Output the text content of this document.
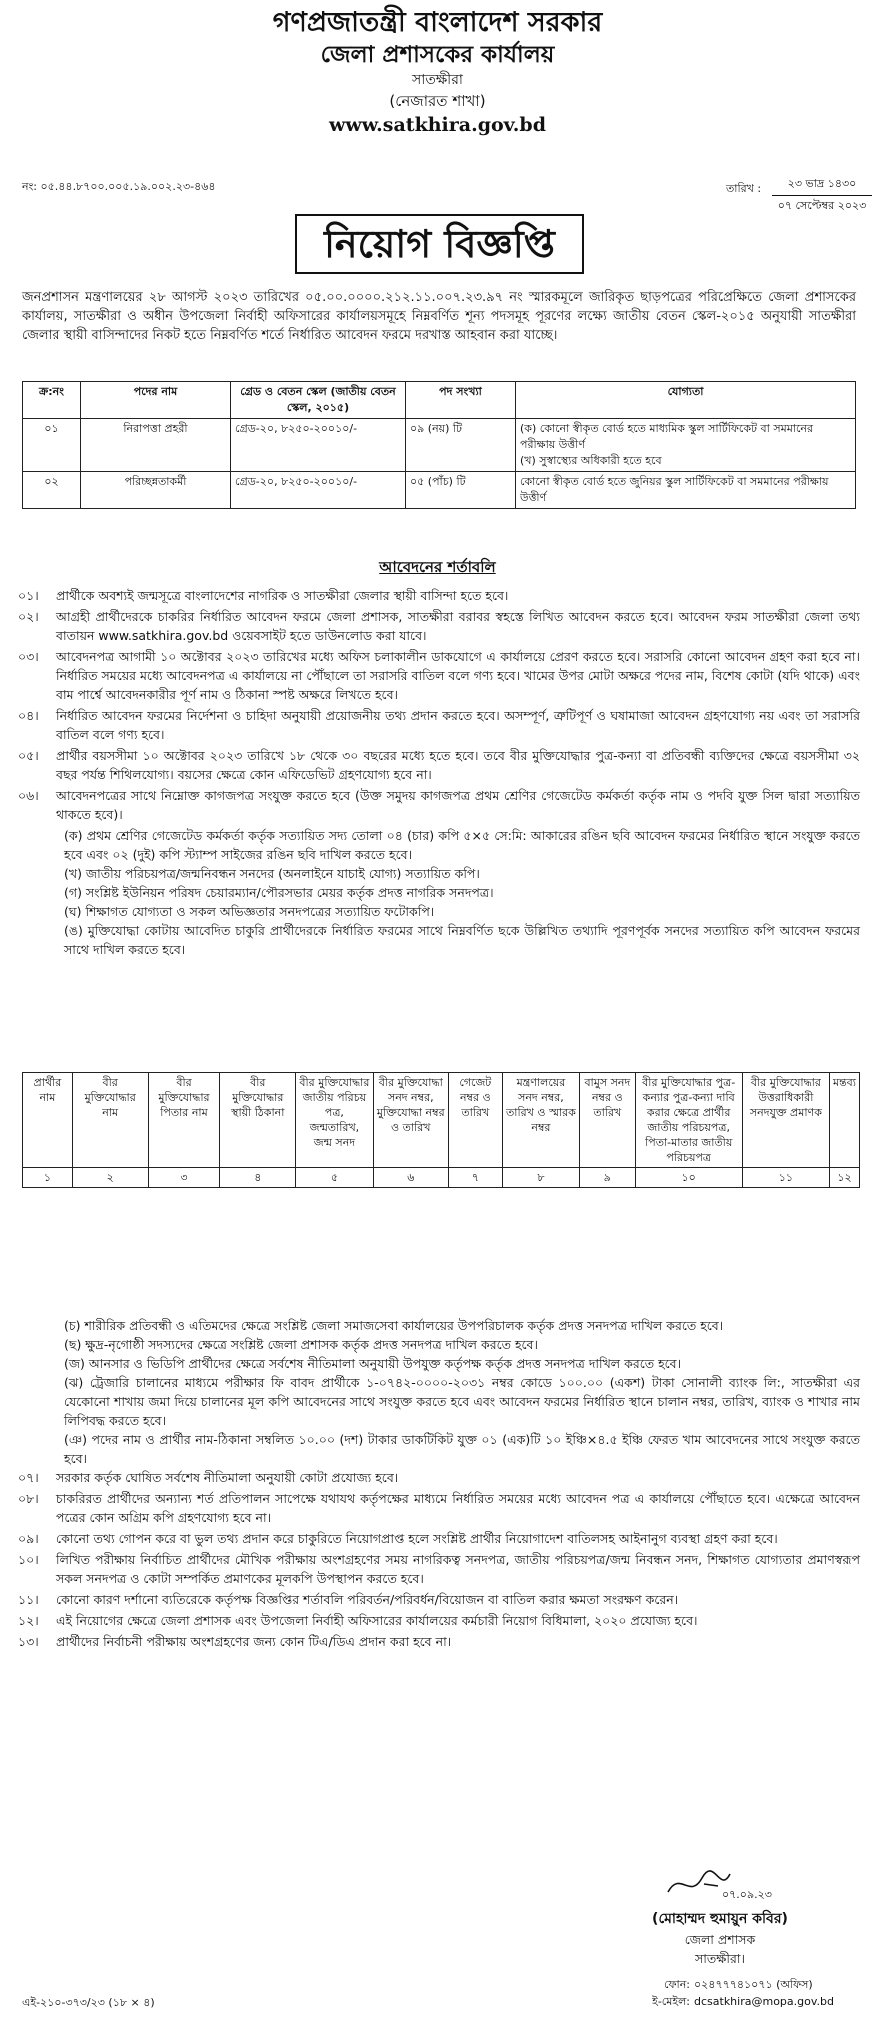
গণপ্রজাতন্ত্রী বাংলাদেশ সরকার
জেলা প্রশাসকের কার্যালয়
সাতক্ষীরা
(নেজারত শাখা)
www.satkhira.gov.bd
নং: ০৫.৪৪.৮৭০০.০০৫.১৯.০০২.২৩-৪৬৪	তারিখ :	২৩ ভাদ্র ১৪৩০
০৭ সেপ্টেম্বর ২০২৩
নিয়োগ বিজ্ঞপ্তি
জনপ্রশাসন মন্ত্রণালয়ের ২৮ আগস্ট ২০২৩ তারিখের ০৫.০০.০০০০.২১২.১১.০০৭.২৩.৯৭ নং স্মারকমূলে জারিকৃত ছাড়পত্রের পরিপ্রেক্ষিতে জেলা প্রশাসকের কার্যালয়, সাতক্ষীরা ও অধীন উপজেলা নির্বাহী অফিসারের কার্যালয়সমূহে নিম্নবর্ণিত শূন্য পদসমূহ পূরণের লক্ষ্যে জাতীয় বেতন স্কেল-২০১৫ অনুযায়ী সাতক্ষীরা জেলার স্থায়ী বাসিন্দাদের নিকট হতে নিম্নবর্ণিত শর্তে নির্ধারিত আবেদন ফরমে দরখাস্ত আহবান করা যাচ্ছে।
ক্র:নং	পদের নাম	গ্রেড ও বেতন স্কেল (জাতীয় বেতন স্কেল, ২০১৫)	পদ সংখ্যা	যোগ্যতা
০১	নিরাপত্তা প্রহরী	গ্রেড-২০, ৮২৫০-২০০১০/-	০৯ (নয়) টি	(ক) কোনো স্বীকৃত বোর্ড হতে মাধ্যমিক স্কুল সার্টিফিকেট বা সমমানের পরীক্ষায় উত্তীর্ণ
(খ) সুস্বাস্থ্যের অধিকারী হতে হবে

০২	পরিচ্ছন্নতাকর্মী	গ্রেড-২০, ৮২৫০-২০০১০/-	০৫ (পাঁচ) টি	কোনো স্বীকৃত বোর্ড হতে জুনিয়র স্কুল সার্টিফিকেট বা সমমানের পরীক্ষায় উত্তীর্ণ
আবেদনের শর্তাবলি
০১।	প্রার্থীকে অবশ্যই জন্মসূত্রে বাংলাদেশের নাগরিক ও সাতক্ষীরা জেলার স্থায়ী বাসিন্দা হতে হবে।
০২।	আগ্রহী প্রার্থীদেরকে চাকরির নির্ধারিত আবেদন ফরমে জেলা প্রশাসক, সাতক্ষীরা বরাবর স্বহস্তে লিখিত আবেদন করতে হবে। আবেদন ফরম সাতক্ষীরা জেলা তথ্য বাতায়ন www.satkhira.gov.bd ওয়েবসাইট হতে ডাউনলোড করা যাবে।
০৩।	আবেদনপত্র আগামী ১০ অক্টোবর ২০২৩ তারিখের মধ্যে অফিস চলাকালীন ডাকযোগে এ কার্যালয়ে প্রেরণ করতে হবে। সরাসরি কোনো আবেদন গ্রহণ করা হবে না। নির্ধারিত সময়ের মধ্যে আবেদনপত্র এ কার্যালয়ে না পৌঁছালে তা সরাসরি বাতিল বলে গণ্য হবে। খামের উপর মোটা অক্ষরে পদের নাম, বিশেষ কোটা (যদি থাকে) এবং বাম পার্শ্বে আবেদনকারীর পূর্ণ নাম ও ঠিকানা স্পষ্ট অক্ষরে লিখতে হবে।
০৪।	নির্ধারিত আবেদন ফরমের নির্দেশনা ও চাহিদা অনুযায়ী প্রয়োজনীয় তথ্য প্রদান করতে হবে। অসম্পূর্ণ, ত্রুটিপূর্ণ ও ঘষামাজা আবেদন গ্রহণযোগ্য নয় এবং তা সরাসরি বাতিল বলে গণ্য হবে।
০৫।	প্রার্থীর বয়সসীমা ১০ অক্টোবর ২০২৩ তারিখে ১৮ থেকে ৩০ বছরের মধ্যে হতে হবে। তবে বীর মুক্তিযোদ্ধার পুত্র-কন্যা বা প্রতিবন্ধী ব্যক্তিদের ক্ষেত্রে বয়সসীমা ৩২ বছর পর্যন্ত শিথিলযোগ্য। বয়সের ক্ষেত্রে কোন এফিডেভিট গ্রহণযোগ্য হবে না।
০৬।	আবেদনপত্রের সাথে নিম্নোক্ত কাগজপত্র সংযুক্ত করতে হবে (উক্ত সমুদয় কাগজপত্র প্রথম শ্রেণির গেজেটেড কর্মকর্তা কর্তৃক নাম ও পদবি যুক্ত সিল দ্বারা সত্যায়িত থাকতে হবে)।
(ক) প্রথম শ্রেণির গেজেটেড কর্মকর্তা কর্তৃক সত্যায়িত সদ্য তোলা ০৪ (চার) কপি ৫×৫ সে:মি: আকারের রঙিন ছবি আবেদন ফরমের নির্ধারিত স্থানে সংযুক্ত করতে হবে এবং ০২ (দুই) কপি স্ট্যাম্প সাইজের রঙিন ছবি দাখিল করতে হবে।
(খ) জাতীয় পরিচয়পত্র/জন্মনিবন্ধন সনদের (অনলাইনে যাচাই যোগ্য) সত্যায়িত কপি।
(গ) সংশ্লিষ্ট ইউনিয়ন পরিষদ চেয়ারম্যান/পৌরসভার মেয়র কর্তৃক প্রদত্ত নাগরিক সনদপত্র।
(ঘ) শিক্ষাগত যোগ্যতা ও সকল অভিজ্ঞতার সনদপত্রের সত্যায়িত ফটোকপি।
(ঙ) মুক্তিযোদ্ধা কোটায় আবেদিত চাকুরি প্রার্থীদেরকে নির্ধারিত ফরমের সাথে নিম্নবর্ণিত ছকে উল্লিখিত তথ্যাদি পূরণপূর্বক সনদের সত্যায়িত কপি আবেদন ফরমের সাথে দাখিল করতে হবে।
প্রার্থীর নাম	বীর মুক্তিযোদ্ধার নাম	বীর মুক্তিযোদ্ধার পিতার নাম	বীর মুক্তিযোদ্ধার স্থায়ী ঠিকানা	বীর মুক্তিযোদ্ধার জাতীয় পরিচয় পত্র, জন্মতারিখ, জন্ম সনদ	বীর মুক্তিযোদ্ধা সনদ নম্বর, মুক্তিযোদ্ধা নম্বর ও তারিখ	গেজেট নম্বর ও তারিখ	মন্ত্রণালয়ের সনদ নম্বর, তারিখ ও স্মারক নম্বর	বামুস সনদ নম্বর ও তারিখ	বীর মুক্তিযোদ্ধার পুত্র-কন্যার পুত্র-কন্যা দাবি করার ক্ষেত্রে প্রার্থীর জাতীয় পরিচয়পত্র, পিতা-মাতার জাতীয় পরিচয়পত্র	বীর মুক্তিযোদ্ধার উত্তরাধিকারী সনদযুক্ত প্রমাণক	মন্তব্য
১	২	৩	৪	৫	৬	৭	৮	৯	১০	১১	১২
(চ) শারীরিক প্রতিবন্ধী ও এতিমদের ক্ষেত্রে সংশ্লিষ্ট জেলা সমাজসেবা কার্যালয়ের উপপরিচালক কর্তৃক প্রদত্ত সনদপত্র দাখিল করতে হবে।
(ছ) ক্ষুদ্র-নৃগোষ্ঠী সদস্যদের ক্ষেত্রে সংশ্লিষ্ট জেলা প্রশাসক কর্তৃক প্রদত্ত সনদপত্র দাখিল করতে হবে।
(জ) আনসার ও ভিডিপি প্রার্থীদের ক্ষেত্রে সর্বশেষ নীতিমালা অনুযায়ী উপযুক্ত কর্তৃপক্ষ কর্তৃক প্রদত্ত সনদপত্র দাখিল করতে হবে।
(ঝ) ট্রেজারি চালানের মাধ্যমে পরীক্ষার ফি বাবদ প্রার্থীকে ১-০৭৪২-০০০০-২০৩১ নম্বর কোডে ১০০.০০ (একশ) টাকা সোনালী ব্যাংক লি:, সাতক্ষীরা এর যেকোনো শাখায় জমা দিয়ে চালানের মূল কপি আবেদনের সাথে সংযুক্ত করতে হবে এবং আবেদন ফরমের নির্ধারিত স্থানে চালান নম্বর, তারিখ, ব্যাংক ও শাখার নাম লিপিবদ্ধ করতে হবে।
(ঞ) পদের নাম ও প্রার্থীর নাম-ঠিকানা সম্বলিত ১০.০০ (দশ) টাকার ডাকটিকিট যুক্ত ০১ (এক)টি ১০ ইঞ্চি×৪.৫ ইঞ্চি ফেরত খাম আবেদনের সাথে সংযুক্ত করতে হবে।
০৭।	সরকার কর্তৃক ঘোষিত সর্বশেষ নীতিমালা অনুযায়ী কোটা প্রযোজ্য হবে।
০৮।	চাকরিরত প্রার্থীদের অন্যান্য শর্ত প্রতিপালন সাপেক্ষে যথাযথ কর্তৃপক্ষের মাধ্যমে নির্ধারিত সময়ের মধ্যে আবেদন পত্র এ কার্যালয়ে পৌঁছাতে হবে। এক্ষেত্রে আবেদন পত্রের কোন অগ্রিম কপি গ্রহণযোগ্য হবে না।
০৯।	কোনো তথ্য গোপন করে বা ভুল তথ্য প্রদান করে চাকুরিতে নিয়োগপ্রাপ্ত হলে সংশ্লিষ্ট প্রার্থীর নিয়োগাদেশ বাতিলসহ আইনানুগ ব্যবস্থা গ্রহণ করা হবে।
১০।	লিখিত পরীক্ষায় নির্বাচিত প্রার্থীদের মৌখিক পরীক্ষায় অংশগ্রহণের সময় নাগরিকত্ব সনদপত্র, জাতীয় পরিচয়পত্র/জন্ম নিবন্ধন সনদ, শিক্ষাগত যোগ্যতার প্রমাণস্বরূপ সকল সনদপত্র ও কোটা সম্পর্কিত প্রমাণকের মূলকপি উপস্থাপন করতে হবে।
১১।	কোনো কারণ দর্শানো ব্যতিরেকে কর্তৃপক্ষ বিজ্ঞপ্তির শর্তাবলি পরিবর্তন/পরিবর্ধন/বিয়োজন বা বাতিল করার ক্ষমতা সংরক্ষণ করেন।
১২।	এই নিয়োগের ক্ষেত্রে জেলা প্রশাসক এবং উপজেলা নির্বাহী অফিসারের কার্যালয়ের কর্মচারী নিয়োগ বিধিমালা, ২০২০ প্রযোজ্য হবে।
১৩।	প্রার্থীদের নির্বাচনী পরীক্ষায় অংশগ্রহণের জন্য কোন টিএ/ডিএ প্রদান করা হবে না।
০৭.০৯.২৩
(মোহাম্মদ হুমায়ুন কবির)
জেলা প্রশাসক
সাতক্ষীরা।
এই-২১০-৩৭৩/২৩ (১৮ × ৪)
ফোন: ০২৪৭৭৭৪১০৭১ (অফিস)
ই-মেইল: dcsatkhira@mopa.gov.bd
